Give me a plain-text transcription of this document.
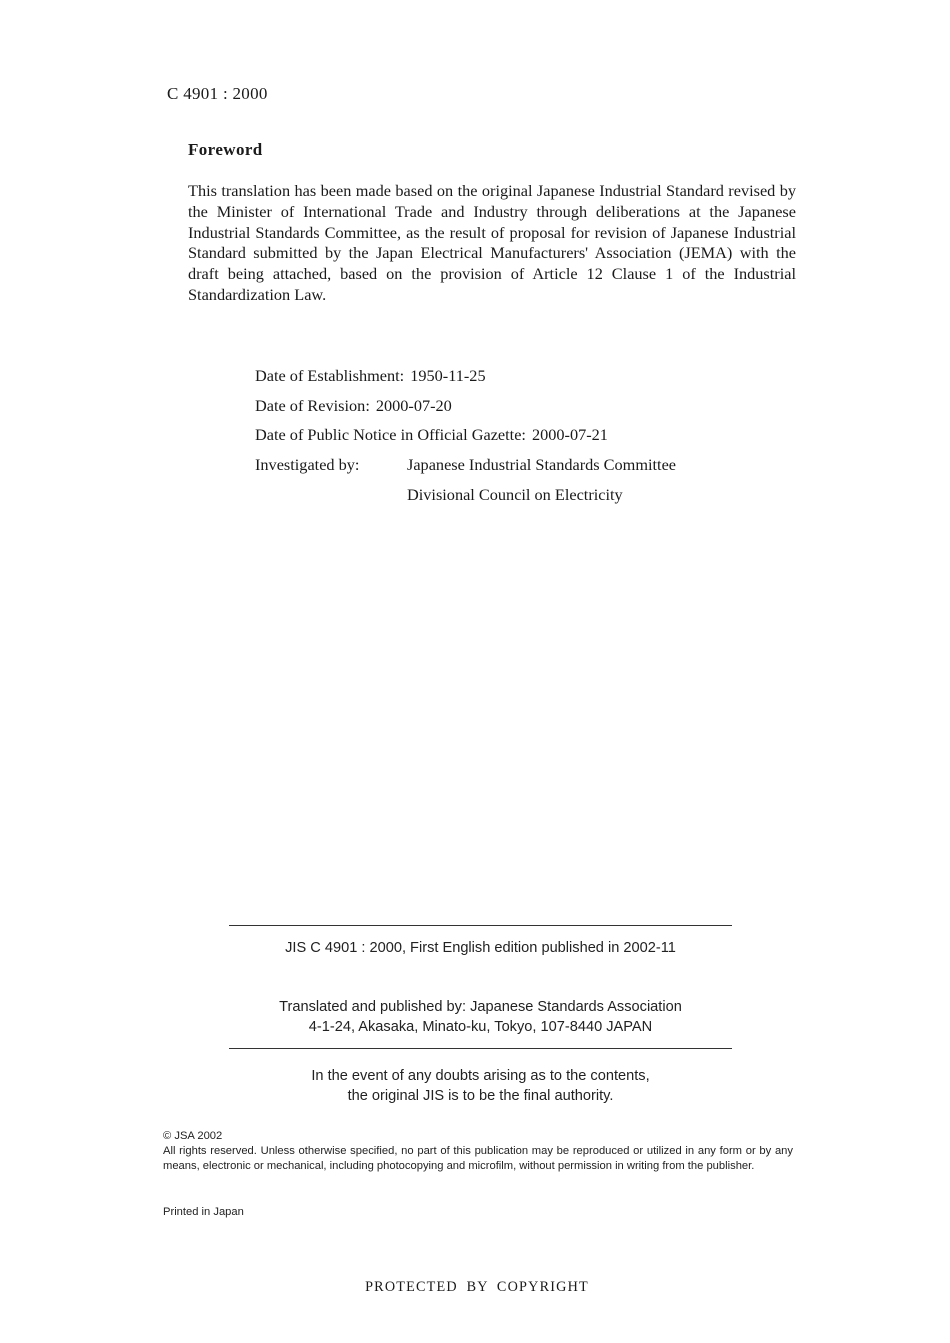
C 4901 : 2000
Foreword
This translation has been made based on the original Japanese Industrial Standard revised by the Minister of International Trade and Industry through deliberations at the Japanese Industrial Standards Committee, as the result of proposal for revision of Japanese Industrial Standard submitted by the Japan Electrical Manufacturers' Association (JEMA) with the draft being attached, based on the provision of Article 12 Clause 1 of the Industrial Standardization Law.
Date of Establishment: 1950-11-25
Date of Revision: 2000-07-20
Date of Public Notice in Official Gazette: 2000-07-21
Investigated by:	Japanese Industrial Standards Committee
Divisional Council on Electricity
JIS C 4901 : 2000, First English edition published in 2002-11
Translated and published by: Japanese Standards Association
4-1-24, Akasaka, Minato-ku, Tokyo, 107-8440 JAPAN
In the event of any doubts arising as to the contents,
the original JIS is to be the final authority.
© JSA 2002
All rights reserved. Unless otherwise specified, no part of this publication may be reproduced or utilized in any form or by any means, electronic or mechanical, including photocopying and microfilm, without permission in writing from the publisher.
Printed in Japan
PROTECTED BY COPYRIGHT
